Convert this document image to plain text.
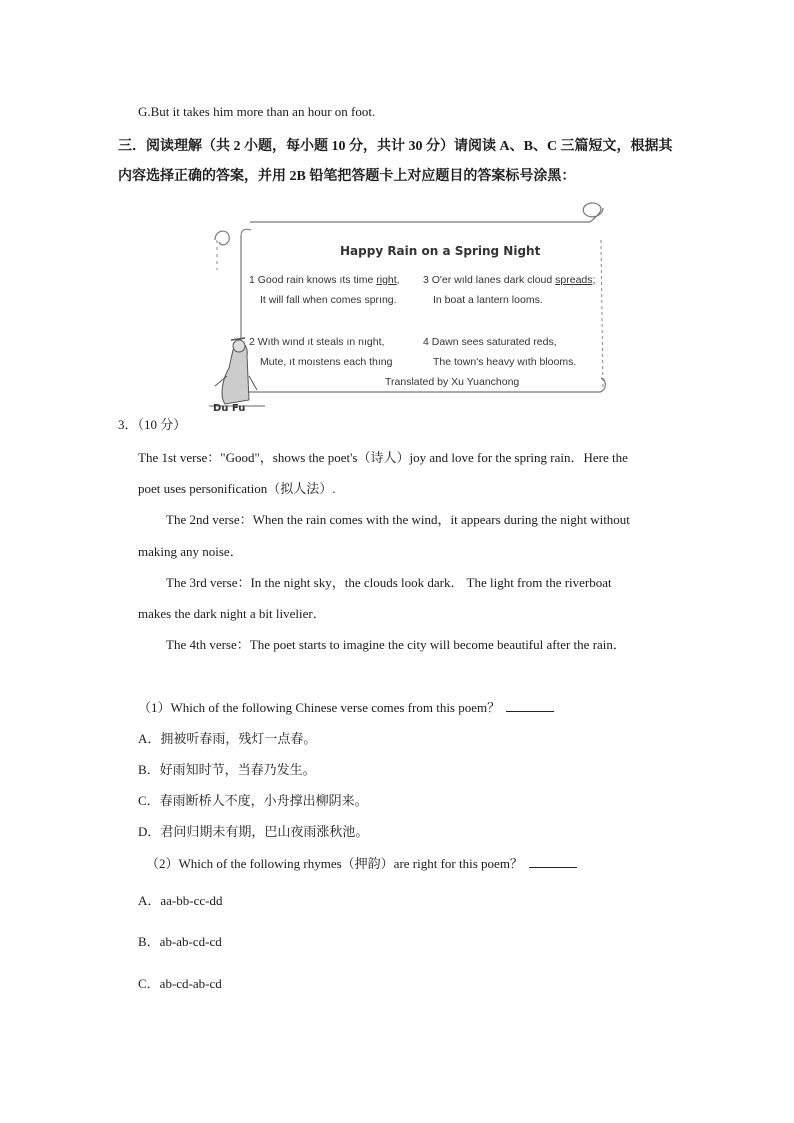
G.But it takes him more than an hour on foot.
三．阅读理解（共 2 小题，每小题 10 分，共计 30 分）请阅读 A、B、C 三篇短文，根据其
内容选择正确的答案，并用 2B 铅笔把答题卡上对应题目的答案标号涂黑：
Happy Rain on a Spring Night
1 Good rain knows ıts time right,
It will fall when comes sprıng.
3 O'er wıld lanes dark cloud spreads;
In boat a lantern looms.
2 Wıth wınd ıt steals ın nıght,
Mute, ıt moıstens each thıng
4 Dawn sees saturated reds,
The town's heavy wıth blooms.
Translated by Xu Yuanchong
Du Fu
3．（10 分）
The 1st verse："Good"，shows the poet's（诗人）joy and love for the spring rain．Here the
poet uses personification（拟人法）.
The 2nd verse：When the rain comes with the wind，it appears during the night without
making any noise．
The 3rd verse：In the night sky，the clouds look dark． The light from the riverboat
makes the dark night a bit livelier．
The 4th verse：The poet starts to imagine the city will become beautiful after the rain．
（1）Which of the following Chinese verse comes from this poem？
A．拥被听春雨，残灯一点春。
B．好雨知时节，当春乃发生。
C．春雨断桥人不度，小舟撑出柳阴来。
D．君问归期未有期，巴山夜雨涨秋池。
（2）Which of the following rhymes（押韵）are right for this poem？
A．aa-bb-cc-dd
B．ab-ab-cd-cd
C．ab-cd-ab-cd
